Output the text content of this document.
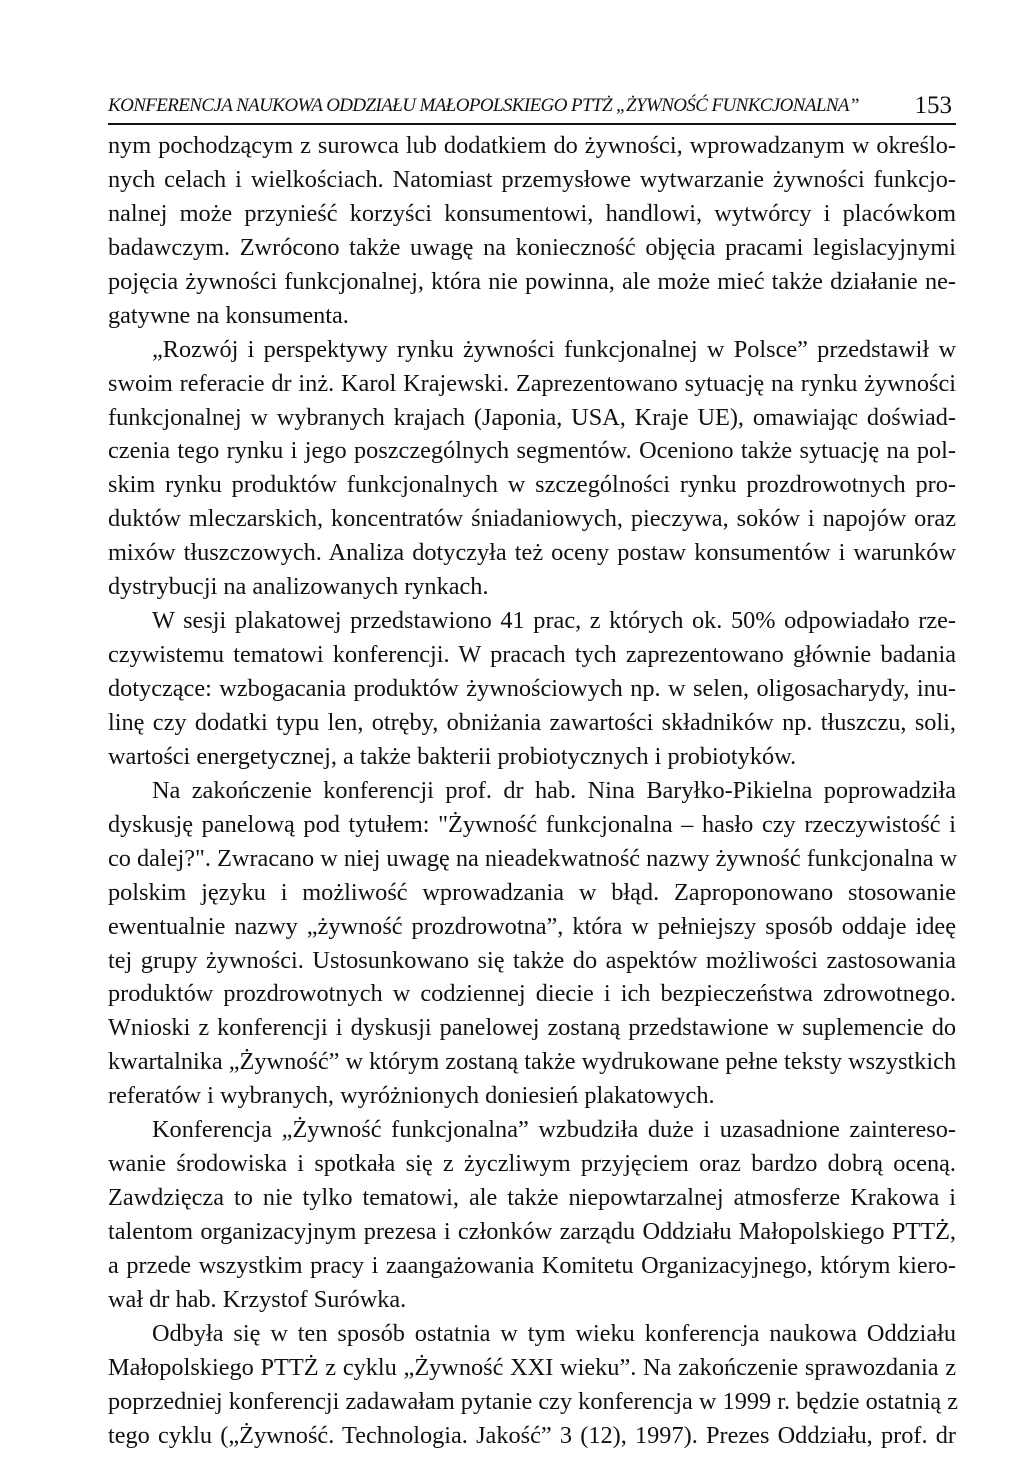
KONFERENCJA NAUKOWA ODDZIAŁU MAŁOPOLSKIEGO PTTŻ „ŻYWNOŚĆ FUNKCJONALNA” 153
nym pochodzącym z surowca lub dodatkiem do żywności, wprowadzanym w określo-
nych celach i wielkościach. Natomiast przemysłowe wytwarzanie żywności funkcjo-
nalnej może przynieść korzyści konsumentowi, handlowi, wytwórcy i placówkom
badawczym. Zwrócono także uwagę na konieczność objęcia pracami legislacyjnymi
pojęcia żywności funkcjonalnej, która nie powinna, ale może mieć także działanie ne-
gatywne na konsumenta.
„Rozwój i perspektywy rynku żywności funkcjonalnej w Polsce” przedstawił w
swoim referacie dr inż. Karol Krajewski. Zaprezentowano sytuację na rynku żywności
funkcjonalnej w wybranych krajach (Japonia, USA, Kraje UE), omawiając doświad-
czenia tego rynku i jego poszczególnych segmentów. Oceniono także sytuację na pol-
skim rynku produktów funkcjonalnych w szczególności rynku prozdrowotnych pro-
duktów mleczarskich, koncentratów śniadaniowych, pieczywa, soków i napojów oraz
mixów tłuszczowych. Analiza dotyczyła też oceny postaw konsumentów i warunków
dystrybucji na analizowanych rynkach.
W sesji plakatowej przedstawiono 41 prac, z których ok. 50% odpowiadało rze-
czywistemu tematowi konferencji. W pracach tych zaprezentowano głównie badania
dotyczące: wzbogacania produktów żywnościowych np. w selen, oligosacharydy, inu-
linę czy dodatki typu len, otręby, obniżania zawartości składników np. tłuszczu, soli,
wartości energetycznej, a także bakterii probiotycznych i probiotyków.
Na zakończenie konferencji prof. dr hab. Nina Baryłko-Pikielna poprowadziła
dyskusję panelową pod tytułem: "Żywność funkcjonalna – hasło czy rzeczywistość i
co dalej?". Zwracano w niej uwagę na nieadekwatność nazwy żywność funkcjonalna w
polskim języku i możliwość wprowadzania w błąd. Zaproponowano stosowanie
ewentualnie nazwy „żywność prozdrowotna”, która w pełniejszy sposób oddaje ideę
tej grupy żywności. Ustosunkowano się także do aspektów możliwości zastosowania
produktów prozdrowotnych w codziennej diecie i ich bezpieczeństwa zdrowotnego.
Wnioski z konferencji i dyskusji panelowej zostaną przedstawione w suplemencie do
kwartalnika „Żywność” w którym zostaną także wydrukowane pełne teksty wszystkich
referatów i wybranych, wyróżnionych doniesień plakatowych.
Konferencja „Żywność funkcjonalna” wzbudziła duże i uzasadnione zainteresо-
wanie środowiska i spotkała się z życzliwym przyjęciem oraz bardzo dobrą oceną.
Zawdzięcza to nie tylko tematowi, ale także niepowtarzalnej atmosferze Krakowa i
talentom organizacyjnym prezesa i członków zarządu Oddziału Małopolskiego PTTŻ,
a przede wszystkim pracy i zaangażowania Komitetu Organizacyjnego, którym kiero-
wał dr hab. Krzystof Surówka.
Odbyła się w ten sposób ostatnia w tym wieku konferencja naukowa Oddziału
Małopolskiego PTTŻ z cyklu „Żywność XXI wieku”. Na zakończenie sprawozdania z
poprzedniej konferencji zadawałam pytanie czy konferencja w 1999 r. będzie ostatnią z
tego cyklu („Żywność. Technologia. Jakość” 3 (12), 1997). Prezes Oddziału, prof. dr
